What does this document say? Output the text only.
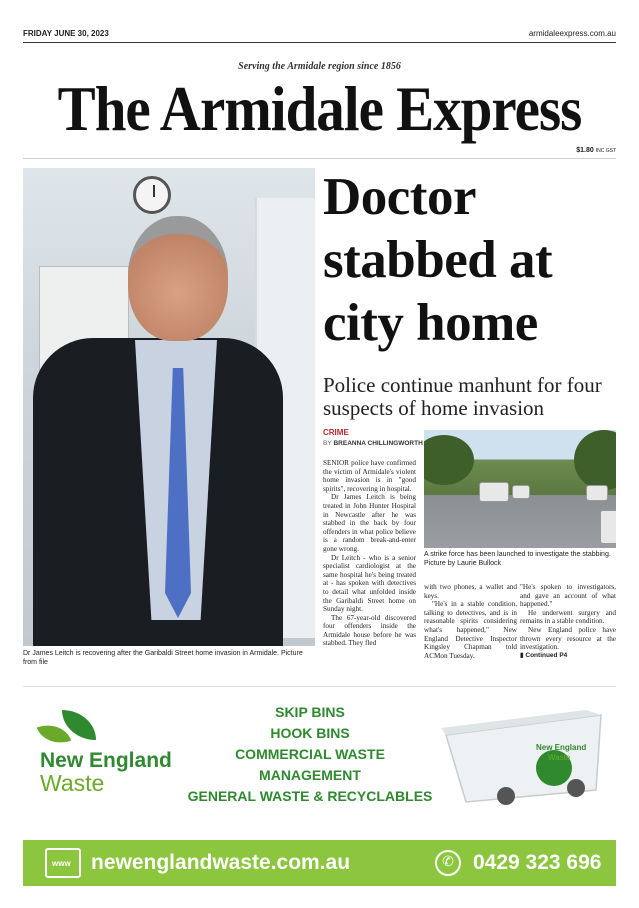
FRIDAY JUNE 30, 2023	armidaleexpress.com.au
Serving the Armidale region since 1856
The Armidale Express
$1.80 INC GST
Dr James Leitch is recovering after the Garibaldi Street home invasion in Armidale. Picture from file
Doctor stabbed at city home
Police continue manhunt for four suspects of home invasion
CRIME
BY BREANNA CHILLINGWORTH

SENIOR police have confirmed the victim of Armidale's violent home invasion is in "good spirits", recovering in hospital.

Dr James Leitch is being treated in John Hunter Hospital in Newcastle after he was stabbed in the back by four offenders in what police believe is a random break-and-enter gone wrong.

Dr Leitch - who is a senior specialist cardiologist at the same hospital he's being treated at - has spoken with detectives to detail what unfolded inside the Garibaldi Street home on Sunday night.

The 67-year-old discovered four offenders inside the Armidale house before he was stabbed. They fled

A strike force has been launched to investigate the stabbing. Picture by Laurie Bullock

with two phones, a wallet and keys.

"He's in a stable condition, talking to detectives, and is in reasonable spirits considering what's happened," New England Detective Inspector Kingsley Chapman told ACMon Tuesday.

"He's spoken to investigators, and gave an account of what happened."

He underwent surgery and remains in a stable condition.

New England police have thrown every resource at the investigation.

▮ Continued P4

New England
Waste
SKIP BINS
HOOK BINS
COMMERCIAL WASTE
MANAGEMENT
GENERAL WASTE & RECYCLABLES
New England
Waste
www newenglandwaste.com.au	✆ 0429 323 696
